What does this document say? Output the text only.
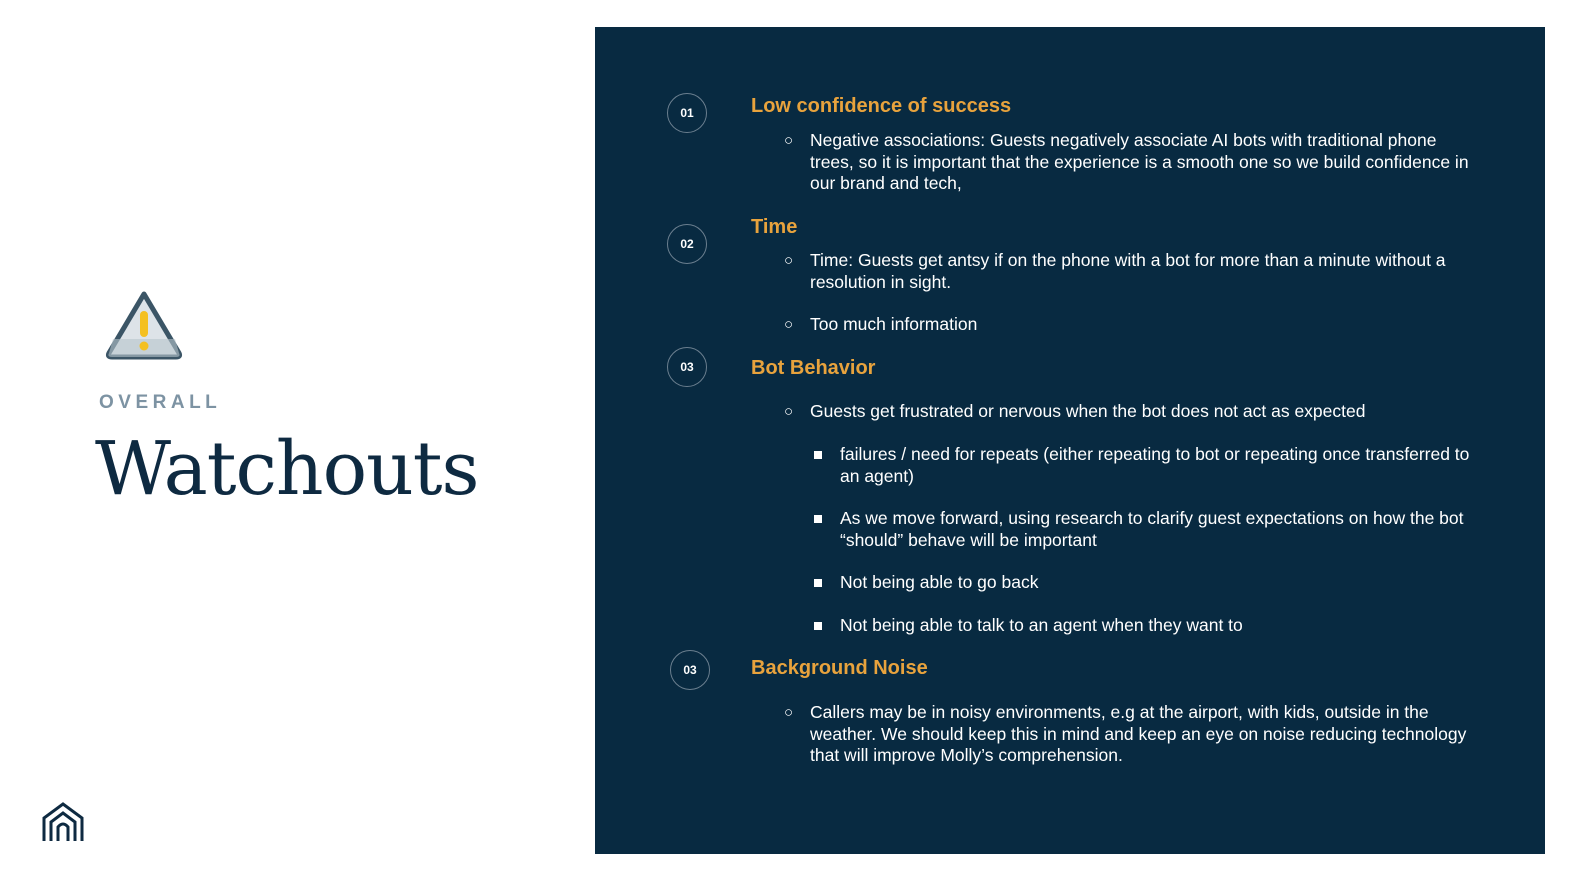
OVERALL
Watchouts
01	Low confidence of success
○ Negative associations: Guests negatively associate AI bots with traditional phone trees, so it is important that the experience is a smooth one so we build confidence in our brand and tech,
02
Time
○ Time: Guests get antsy if on the phone with a bot for more than a minute without a resolution in sight.
○ Too much information
03	Bot Behavior
○ Guests get frustrated or nervous when the bot does not act as expected
failures / need for repeats (either repeating to bot or repeating once transferred to an agent)
As we move forward, using research to clarify guest expectations on how the bot “should” behave will be important
Not being able to go back
Not being able to talk to an agent when they want to
03	Background Noise
○ Callers may be in noisy environments, e.g at the airport, with kids, outside in the weather. We should keep this in mind and keep an eye on noise reducing technology that will improve Molly’s comprehension.
